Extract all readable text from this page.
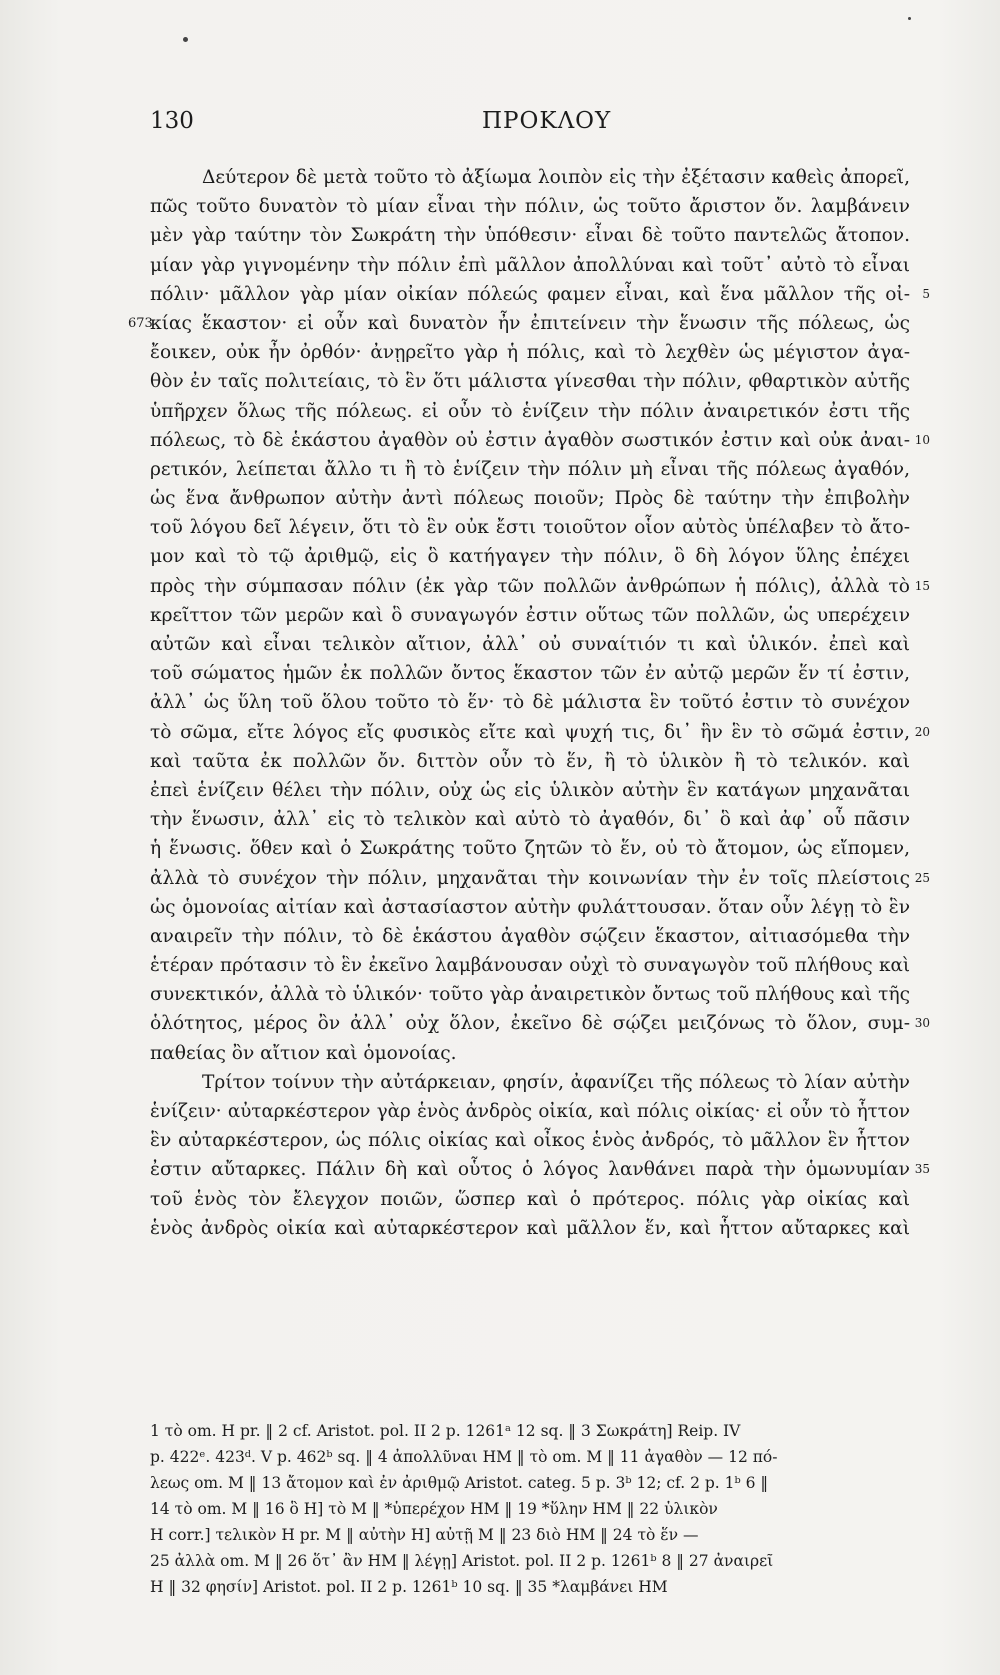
130	ΠΡΟΚΛΟΥ
Δεύτερον δὲ μετὰ τοῦτο τὸ ἀξίωμα λοιπὸν εἰς τὴν ἐξέτασιν καθεὶς ἀπορεῖ,
πῶς τοῦτο δυνατὸν τὸ μίαν εἶναι τὴν πόλιν, ὡς τοῦτο ἄριστον ὄν. λαμβάνειν
μὲν γὰρ ταύτην τὸν Σωκράτη τὴν ὑπόθεσιν· εἶναι δὲ τοῦτο παντελῶς ἄτοπον.
μίαν γὰρ γιγνομένην τὴν πόλιν ἐπὶ μᾶλλον ἀπολλύναι καὶ τοῦτ᾽ αὐτὸ τὸ εἶναι
πόλιν· μᾶλλον γὰρ μίαν οἰκίαν πόλεώς φαμεν εἶναι, καὶ ἕνα μᾶλλον τῆς οἰ- 5
κίας ἕκαστον· εἰ οὖν καὶ δυνατὸν ἦν ἐπιτείνειν τὴν ἕνωσιν τῆς πόλεως, ὡς
673
ἔοικεν, οὐκ ἦν ὀρθόν· ἀνῃρεῖτο γὰρ ἡ πόλις, καὶ τὸ λεχθὲν ὡς μέγιστον ἀγα-
θὸν ἐν ταῖς πολιτείαις, τὸ ἓν ὅτι μάλιστα γίνεσθαι τὴν πόλιν, φθαρτικὸν αὐτῆς
ὑπῆρχεν ὅλως τῆς πόλεως. εἰ οὖν τὸ ἑνίζειν τὴν πόλιν ἀναιρετικόν ἐστι τῆς
πόλεως, τὸ δὲ ἑκάστου ἀγαθὸν οὐ ἐστιν ἀγαθὸν σωστικόν ἐστιν καὶ οὐκ ἀναι- 10
ρετικόν, λείπεται ἄλλο τι ἢ τὸ ἑνίζειν τὴν πόλιν μὴ εἶναι τῆς πόλεως ἀγαθόν,
ὡς ἕνα ἄνθρωπον αὐτὴν ἀντὶ πόλεως ποιοῦν; Πρὸς δὲ ταύτην τὴν ἐπιβολὴν
τοῦ λόγου δεῖ λέγειν, ὅτι τὸ ἓν οὐκ ἔστι τοιοῦτον οἷον αὐτὸς ὑπέλαβεν τὸ ἄτο-
μον καὶ τὸ τῷ ἀριθμῷ, εἰς ὃ κατήγαγεν τὴν πόλιν, ὃ δὴ λόγον ὕλης ἐπέχει
πρὸς τὴν σύμπασαν πόλιν (ἐκ γὰρ τῶν πολλῶν ἀνθρώπων ἡ πόλις), ἀλλὰ τὸ 15
κρεῖττον τῶν μερῶν καὶ ὃ συναγωγόν ἐστιν οὕτως τῶν πολλῶν, ὡς υπερέχειν
αὐτῶν καὶ εἶναι τελικὸν αἴτιον, ἀλλ᾽ οὐ συναίτιόν τι καὶ ὑλικόν. ἐπεὶ καὶ
τοῦ σώματος ἡμῶν ἐκ πολλῶν ὄντος ἕκαστον τῶν ἐν αὐτῷ μερῶν ἕν τί ἐστιν,
ἀλλ᾽ ὡς ὕλη τοῦ ὅλου τοῦτο τὸ ἕν· τὸ δὲ μάλιστα ἓν τοῦτό ἐστιν τὸ συνέχον
τὸ σῶμα, εἴτε λόγος εἴς φυσικὸς εἴτε καὶ ψυχή τις, δι᾽ ἣν ἓν τὸ σῶμά ἐστιν, 20
καὶ ταῦτα ἐκ πολλῶν ὄν. διττὸν οὖν τὸ ἕν, ἢ τὸ ὑλικὸν ἢ τὸ τελικόν. καὶ
ἐπεὶ ἑνίζειν θέλει τὴν πόλιν, οὐχ ὡς εἰς ὑλικὸν αὐτὴν ἓν κατάγων μηχανᾶται
τὴν ἕνωσιν, ἀλλ᾽ εἰς τὸ τελικὸν καὶ αὐτὸ τὸ ἀγαθόν, δι᾽ ὃ καὶ ἀφ᾽ οὗ πᾶσιν
ἡ ἕνωσις. ὅθεν καὶ ὁ Σωκράτης τοῦτο ζητῶν τὸ ἕν, οὐ τὸ ἄτομον, ὡς εἴπομεν,
ἀλλὰ τὸ συνέχον τὴν πόλιν, μηχανᾶται τὴν κοινωνίαν τὴν ἐν τοῖς πλείστοις 25
ὡς ὁμονοίας αἰτίαν καὶ ἀστασίαστον αὐτὴν φυλάττουσαν. ὅταν οὖν λέγῃ τὸ ἓν
αναιρεῖν τὴν πόλιν, τὸ δὲ ἑκάστου ἀγαθὸν σῴζειν ἕκαστον, αἰτιασόμεθα τὴν
ἑτέραν πρότασιν τὸ ἓν ἐκεῖνο λαμβάνουσαν οὐχὶ τὸ συναγωγὸν τοῦ πλήθους καὶ
συνεκτικόν, ἀλλὰ τὸ ὑλικόν· τοῦτο γὰρ ἀναιρετικὸν ὄντως τοῦ πλήθους καὶ τῆς
ὁλότητος, μέρος ὂν ἀλλ᾽ οὐχ ὅλον, ἐκεῖνο δὲ σῴζει μειζόνως τὸ ὅλον, συμ- 30
παθείας ὂν αἴτιον καὶ ὁμονοίας.
Τρίτον τοίνυν τὴν αὐτάρκειαν, φησίν, ἀφανίζει τῆς πόλεως τὸ λίαν αὐτὴν
ἑνίζειν· αὐταρκέστερον γὰρ ἑνὸς ἀνδρὸς οἰκία, καὶ πόλις οἰκίας· εἰ οὖν τὸ ἧττον
ἓν αὐταρκέστερον, ὡς πόλις οἰκίας καὶ οἶκος ἑνὸς ἀνδρός, τὸ μᾶλλον ἓν ἧττον
ἐστιν αὔταρκες. Πάλιν δὴ καὶ οὗτος ὁ λόγος λανθάνει παρὰ τὴν ὁμωνυμίαν 35
τοῦ ἑνὸς τὸν ἔλεγχον ποιῶν, ὥσπερ καὶ ὁ πρότερος. πόλις γὰρ οἰκίας καὶ
ἑνὸς ἀνδρὸς οἰκία καὶ αὐταρκέστερον καὶ μᾶλλον ἕν, καὶ ἧττον αὔταρκες καὶ
1 τὸ om. H pr. ‖ 2 cf. Aristot. pol. II 2 p. 1261ᵃ 12 sq. ‖ 3 Σωκράτη] Reip. IV
p. 422ᵉ. 423ᵈ. V p. 462ᵇ sq. ‖ 4 ἀπολλῦναι HM ‖ τὸ om. M ‖ 11 ἀγαθὸν — 12 πό-
λεως om. M ‖ 13 ἄτομον καὶ ἐν ἀριθμῷ Aristot. categ. 5 p. 3ᵇ 12; cf. 2 p. 1ᵇ 6 ‖
14 τὸ om. M ‖ 16 ὃ H] τὸ M ‖ *ὑπερέχον HM ‖ 19 *ὕλην HM ‖ 22 ὑλικὸν
H corr.] τελικὸν H pr. M ‖ αὐτὴν H] αὐτῇ M ‖ 23 διὸ HM ‖ 24 τὸ ἕν —
25 ἀλλὰ om. M ‖ 26 ὅτ᾽ ἂν HM ‖ λέγῃ] Aristot. pol. II 2 p. 1261ᵇ 8 ‖ 27 ἀναιρεῖ
H ‖ 32 φησίν] Aristot. pol. II 2 p. 1261ᵇ 10 sq. ‖ 35 *λαμβάνει HM
